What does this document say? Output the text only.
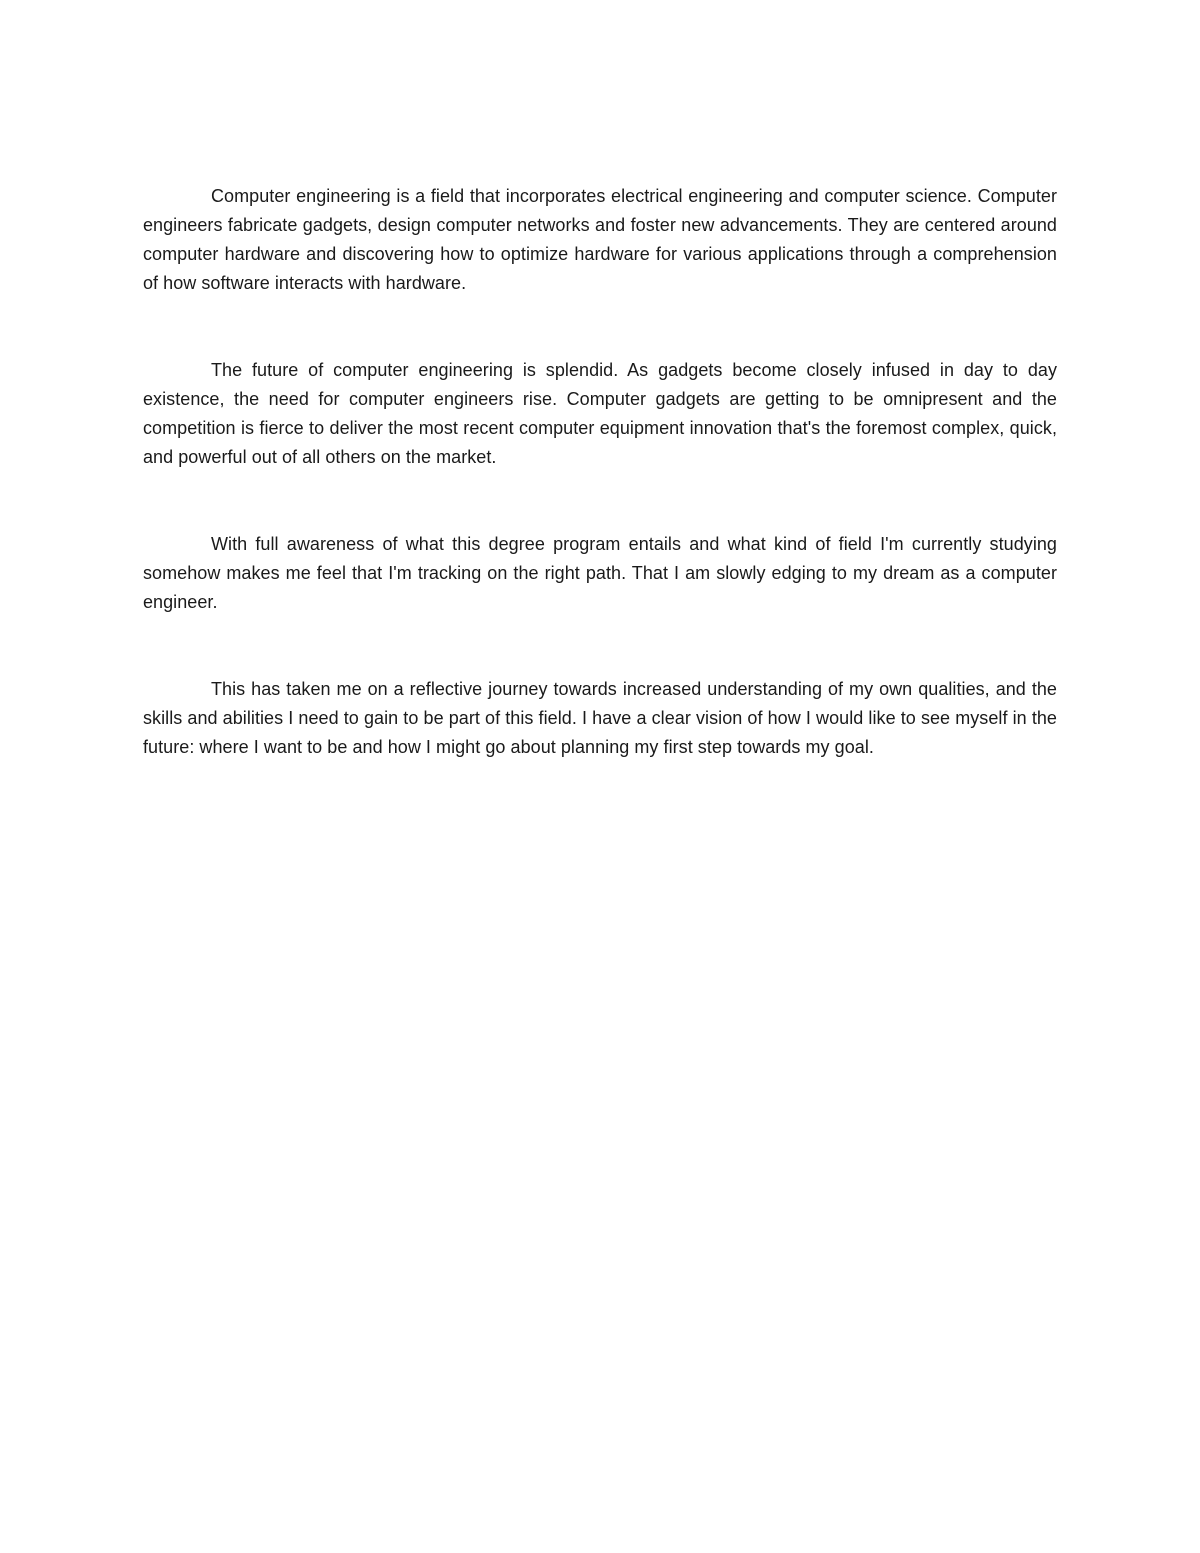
Computer engineering is a field that incorporates electrical engineering and computer science. Computer engineers fabricate gadgets, design computer networks and foster new advancements. They are centered around computer hardware and discovering how to optimize hardware for various applications through a comprehension of how software interacts with hardware.

The future of computer engineering is splendid. As gadgets become closely infused in day to day existence, the need for computer engineers rise. Computer gadgets are getting to be omnipresent and the competition is fierce to deliver the most recent computer equipment innovation that's the foremost complex, quick, and powerful out of all others on the market.

With full awareness of what this degree program entails and what kind of field I'm currently studying somehow makes me feel that I'm tracking on the right path. That I am slowly edging to my dream as a computer engineer.

This has taken me on a reflective journey towards increased understanding of my own qualities, and the skills and abilities I need to gain to be part of this field. I have a clear vision of how I would like to see myself in the future: where I want to be and how I might go about planning my first step towards my goal.
